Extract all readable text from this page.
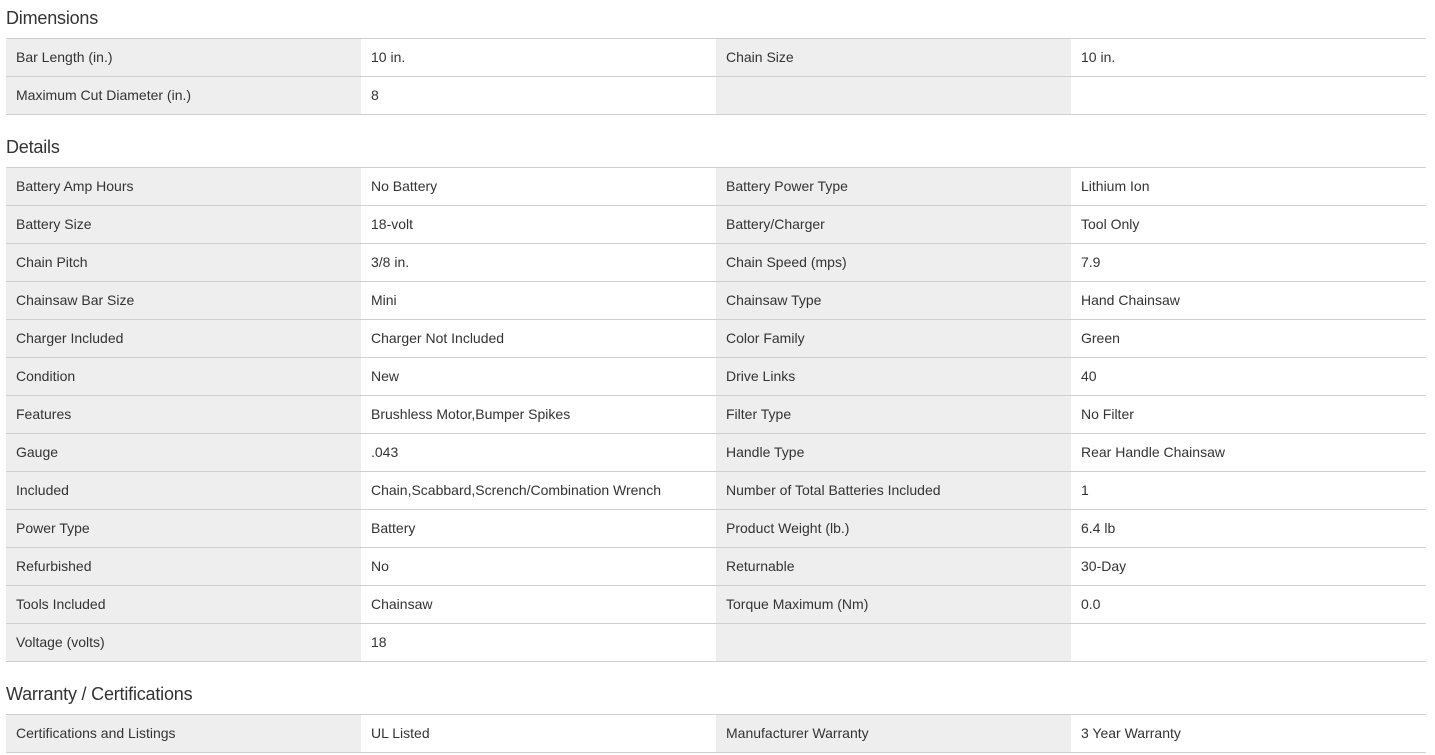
Dimensions
Bar Length (in.)	10 in.	Chain Size	10 in.
Maximum Cut Diameter (in.)	8
Details
Battery Amp Hours	No Battery	Battery Power Type	Lithium Ion
Battery Size	18-volt	Battery/Charger	Tool Only
Chain Pitch	3/8 in.	Chain Speed (mps)	7.9
Chainsaw Bar Size	Mini	Chainsaw Type	Hand Chainsaw
Charger Included	Charger Not Included	Color Family	Green
Condition	New	Drive Links	40
Features	Brushless Motor,Bumper Spikes	Filter Type	No Filter
Gauge	.043	Handle Type	Rear Handle Chainsaw
Included	Chain,Scabbard,Scrench/Combination Wrench	Number of Total Batteries Included	1
Power Type	Battery	Product Weight (lb.)	6.4 lb
Refurbished	No	Returnable	30-Day
Tools Included	Chainsaw	Torque Maximum (Nm)	0.0
Voltage (volts)	18
Warranty / Certifications
Certifications and Listings	UL Listed	Manufacturer Warranty	3 Year Warranty
